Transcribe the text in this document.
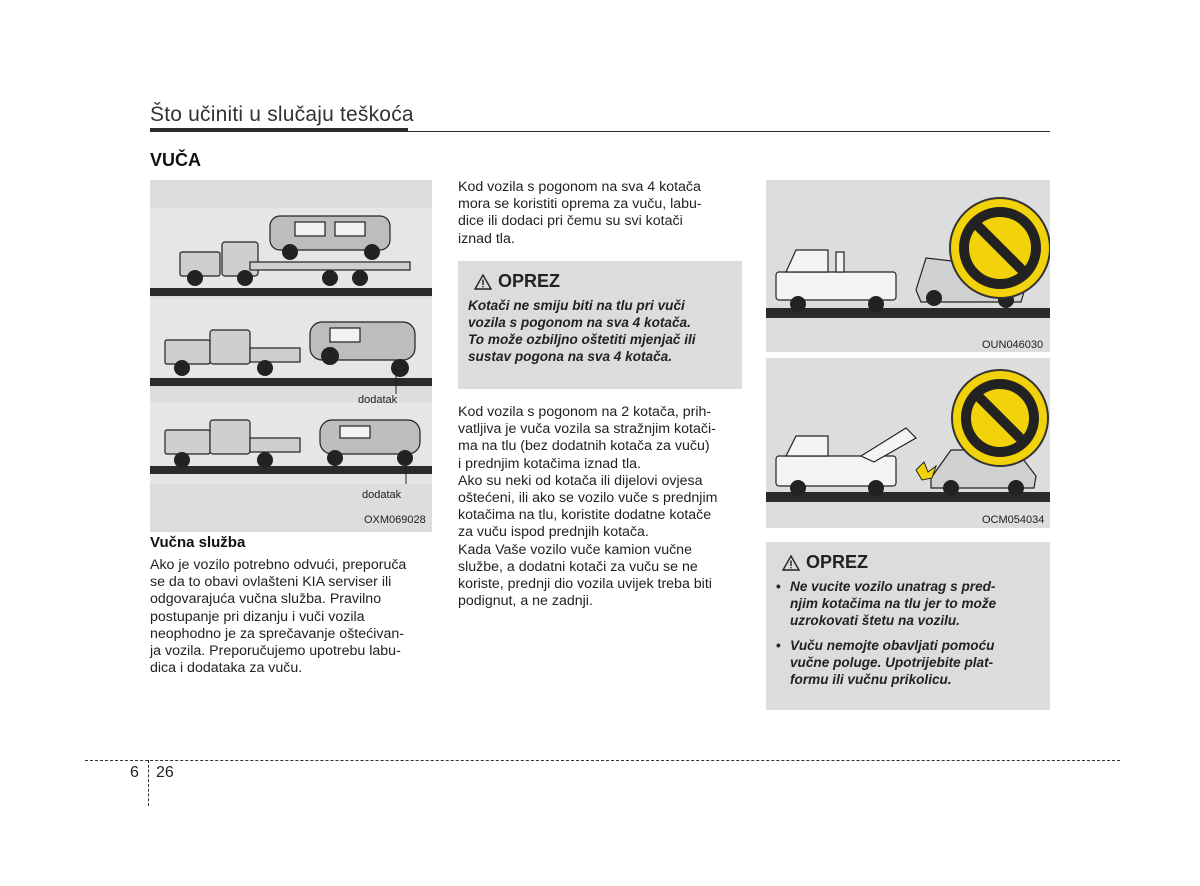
Što učiniti u slučaju teškoća
VUČA
dodatak
dodatak
OXM069028
Vučna služba
Ako je vozilo potrebno odvući, preporuča
se da to obavi ovlašteni KIA serviser ili
odgovarajuća vučna služba. Pravilno
postupanje pri dizanju i vuči vozila
neophodno je za sprečavanje oštećivan-
ja vozila. Preporučujemo upotrebu labu-
dica i dodataka za vuču.
Kod vozila s pogonom na sva 4 kotača
mora se koristiti oprema za vuču, labu-
dice ili dodaci pri čemu su svi kotači
iznad tla.
OPREZ
Kotači ne smiju biti na tlu pri vuči
vozila s pogonom na sva 4 kotača.
To može ozbiljno oštetiti mjenjač ili
sustav pogona na sva 4 kotača.
Kod vozila s pogonom na 2 kotača, prih-
vatljiva je vuča vozila sa stražnjim kotači-
ma na tlu (bez dodatnih kotača za vuču)
i prednjim kotačima iznad tla.
Ako su neki od kotača ili dijelovi ovjesa
oštećeni, ili ako se vozilo vuče s prednjim
kotačima na tlu, koristite dodatne kotače
za vuču ispod prednjih kotača.
Kada Vaše vozilo vuče kamion vučne
službe, a dodatni kotači za vuču se ne
koriste, prednji dio vozila uvijek treba biti
podignut, a ne zadnji.
OUN046030
OCM054034
OPREZ
• Ne vucite vozilo unatrag s pred-
njim kotačima na tlu jer to može
uzrokovati štetu na vozilu.
• Vuču nemojte obavljati pomoću
vučne poluge. Upotrijebite plat-
formu ili vučnu prikolicu.
6 26
